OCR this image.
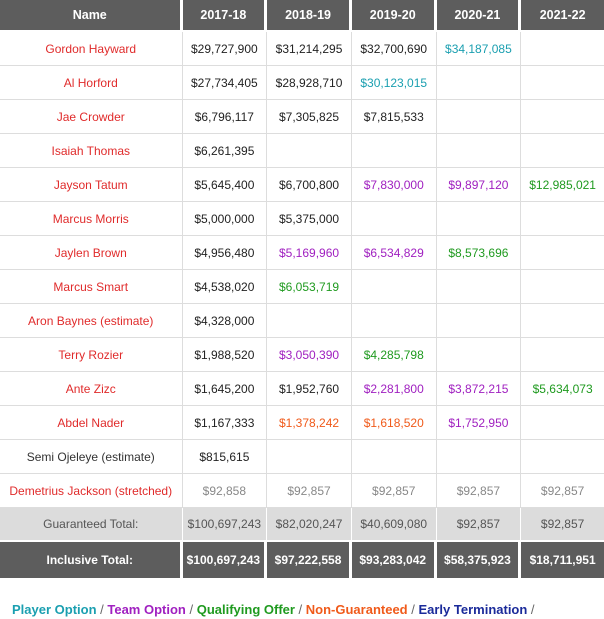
Name	2017-18	2018-19	2019-20	2020-21	2021-22
Gordon Hayward	$29,727,900	$31,214,295	$32,700,690	$34,187,085	
Al Horford	$27,734,405	$28,928,710	$30,123,015		
Jae Crowder	$6,796,117	$7,305,825	$7,815,533		
Isaiah Thomas	$6,261,395				
Jayson Tatum	$5,645,400	$6,700,800	$7,830,000	$9,897,120	$12,985,021
Marcus Morris	$5,000,000	$5,375,000			
Jaylen Brown	$4,956,480	$5,169,960	$6,534,829	$8,573,696	
Marcus Smart	$4,538,020	$6,053,719			
Aron Baynes (estimate)	$4,328,000				
Terry Rozier	$1,988,520	$3,050,390	$4,285,798		
Ante Zizc	$1,645,200	$1,952,760	$2,281,800	$3,872,215	$5,634,073
Abdel Nader	$1,167,333	$1,378,242	$1,618,520	$1,752,950	
Semi Ojeleye (estimate)	$815,615				
Demetrius Jackson (stretched)	$92,858	$92,857	$92,857	$92,857	$92,857
Guaranteed Total:	$100,697,243	$82,020,247	$40,609,080	$92,857	$92,857
Inclusive Total:	$100,697,243	$97,222,558	$93,283,042	$58,375,923	$18,711,951
Player Option / Team Option / Qualifying Offer / Non-Guaranteed / Early Termination /
